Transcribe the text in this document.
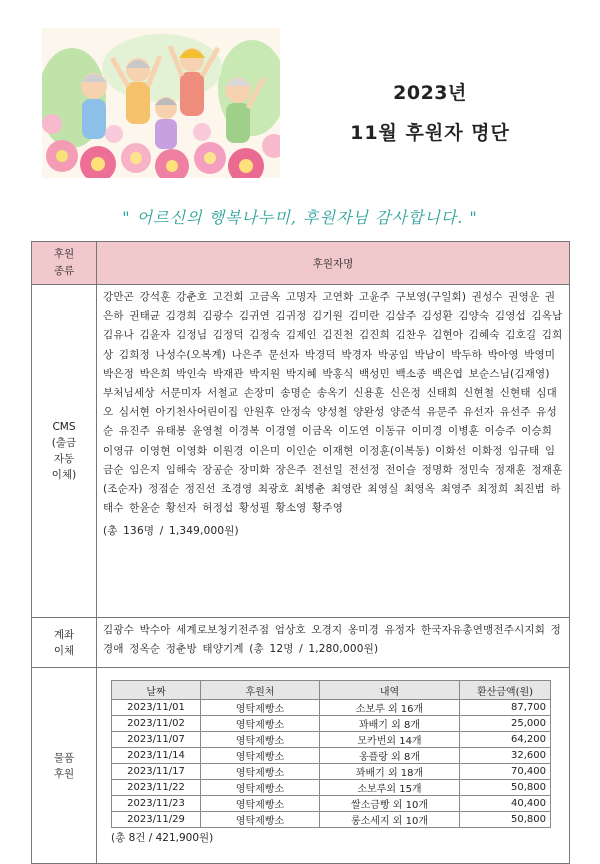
2023년
11월 후원자 명단
" 어르신의 행복나누미, 후원자님 감사합니다. "
후원
종류
	후원자명

CMS
(출금
자동
이체)

강만곤 강석훈 강춘호 고건회 고금옥 고명자 고연화 고윤주 구보영(구일회) 권성수 권영운 권은하 권태균 김경희 김광수 김귀연 김귀정 김기원 김미란 김삼주 김성환 김양숙 김영섭 김옥남 김유나 김윤자 김정님 김정덕 김정숙 김제인 김진천 김진희 김찬우 김현아 김혜숙 김호길 김희상 김희정 나성수(오복계) 나은주 문선자 박경덕 박경자 박공임 박남이 박두하 박아영 박영미 박은정 박은희 박인숙 박재관 박지원 박지혜 박홍식 백성민 백소종 백은엽 보순스님(김재영) 부처님세상 서문미자 서철교 손장미 송명순 송옥기 신용훈 신은정 신태희 신현철 신현태 심대오 심서현 아기천사어린이집 안원후 안정숙 양성철 양완성 양준석 유문주 유선자 유선주 유성순 유진주 유태봉 윤영철 이경복 이경열 이금옥 이도연 이동규 이미경 이병훈 이승주 이승희 이영규 이영현 이영화 이원경 이은미 이인순 이재현 이정훈(이복동) 이화선 이화정 임규태 임금순 임은지 임해숙 장공순 장미화 장은주 전선일 전선정 전이슬 정명화 정민숙 정재훈 정재훈(조순자) 정점순 정진선 조경영 최광호 최병춘 최영란 최영실 최영옥 최영주 최정희 최진범 하태수 한윤순 황선자 허정섭 황성필 황소영 황주영
(총 136명 / 1,349,000원)

계좌
이체

김광수 박수아 세계로보청기전주점 엄상호 오경지 옹미경 유정자 한국자유총연맹전주시지회 정경애 정옥순 정춘방 태양기계 (총 12명 / 1,280,000원)

물품
후원

날짜	후원처	내역	환산금액(원)
2023/11/01	영탁제빵소	소보루 외 16개	87,700
2023/11/02	영탁제빵소	꽈배기 외 8개	25,000
2023/11/07	영탁제빵소	모카번외 14개	64,200
2023/11/14	영탁제빵소	옹플랑 외 8개	32,600
2023/11/17	영탁제빵소	꽈배기 외 18개	70,400
2023/11/22	영탁제빵소	소보루외 15개	50,800
2023/11/23	영탁제빵소	쌀소금빵 외 10개	40,400
2023/11/29	영탁제빵소	롱소세지 외 10개	50,800
(총 8건 / 421,900원)
